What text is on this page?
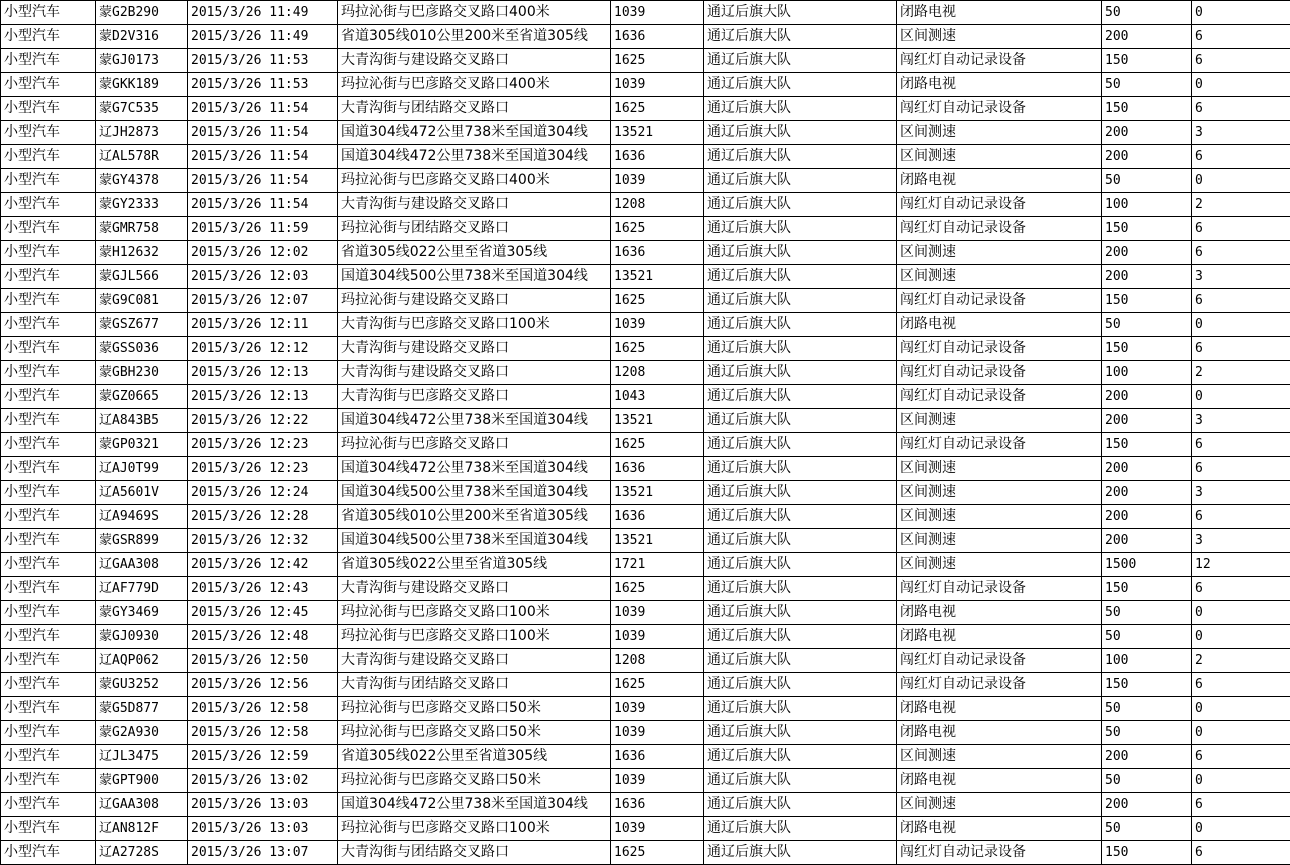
小型汽车	蒙G2B290	2015/3/26 11:49	玛拉沁街与巴彦路交叉路口400米	1039	通辽后旗大队	闭路电视	50	0
小型汽车	蒙D2V316	2015/3/26 11:49	省道305线010公里200米至省道305线	1636	通辽后旗大队	区间测速	200	6
小型汽车	蒙GJ0173	2015/3/26 11:53	大青沟街与建设路交叉路口	1625	通辽后旗大队	闯红灯自动记录设备	150	6
小型汽车	蒙GKK189	2015/3/26 11:53	玛拉沁街与巴彦路交叉路口400米	1039	通辽后旗大队	闭路电视	50	0
小型汽车	蒙G7C535	2015/3/26 11:54	大青沟街与团结路交叉路口	1625	通辽后旗大队	闯红灯自动记录设备	150	6
小型汽车	辽JH2873	2015/3/26 11:54	国道304线472公里738米至国道304线	13521	通辽后旗大队	区间测速	200	3
小型汽车	辽AL578R	2015/3/26 11:54	国道304线472公里738米至国道304线	1636	通辽后旗大队	区间测速	200	6
小型汽车	蒙GY4378	2015/3/26 11:54	玛拉沁街与巴彦路交叉路口400米	1039	通辽后旗大队	闭路电视	50	0
小型汽车	蒙GY2333	2015/3/26 11:54	大青沟街与建设路交叉路口	1208	通辽后旗大队	闯红灯自动记录设备	100	2
小型汽车	蒙GMR758	2015/3/26 11:59	玛拉沁街与团结路交叉路口	1625	通辽后旗大队	闯红灯自动记录设备	150	6
小型汽车	蒙H12632	2015/3/26 12:02	省道305线022公里至省道305线	1636	通辽后旗大队	区间测速	200	6
小型汽车	蒙GJL566	2015/3/26 12:03	国道304线500公里738米至国道304线	13521	通辽后旗大队	区间测速	200	3
小型汽车	蒙G9C081	2015/3/26 12:07	玛拉沁街与建设路交叉路口	1625	通辽后旗大队	闯红灯自动记录设备	150	6
小型汽车	蒙GSZ677	2015/3/26 12:11	大青沟街与巴彦路交叉路口100米	1039	通辽后旗大队	闭路电视	50	0
小型汽车	蒙GSS036	2015/3/26 12:12	大青沟街与建设路交叉路口	1625	通辽后旗大队	闯红灯自动记录设备	150	6
小型汽车	蒙GBH230	2015/3/26 12:13	大青沟街与建设路交叉路口	1208	通辽后旗大队	闯红灯自动记录设备	100	2
小型汽车	蒙GZ0665	2015/3/26 12:13	大青沟街与巴彦路交叉路口	1043	通辽后旗大队	闯红灯自动记录设备	200	0
小型汽车	辽A843B5	2015/3/26 12:22	国道304线472公里738米至国道304线	13521	通辽后旗大队	区间测速	200	3
小型汽车	蒙GP0321	2015/3/26 12:23	玛拉沁街与巴彦路交叉路口	1625	通辽后旗大队	闯红灯自动记录设备	150	6
小型汽车	辽AJ0T99	2015/3/26 12:23	国道304线472公里738米至国道304线	1636	通辽后旗大队	区间测速	200	6
小型汽车	辽A5601V	2015/3/26 12:24	国道304线500公里738米至国道304线	13521	通辽后旗大队	区间测速	200	3
小型汽车	辽A9469S	2015/3/26 12:28	省道305线010公里200米至省道305线	1636	通辽后旗大队	区间测速	200	6
小型汽车	蒙GSR899	2015/3/26 12:32	国道304线500公里738米至国道304线	13521	通辽后旗大队	区间测速	200	3
小型汽车	辽GAA308	2015/3/26 12:42	省道305线022公里至省道305线	1721	通辽后旗大队	区间测速	1500	12
小型汽车	辽AF779D	2015/3/26 12:43	大青沟街与建设路交叉路口	1625	通辽后旗大队	闯红灯自动记录设备	150	6
小型汽车	蒙GY3469	2015/3/26 12:45	玛拉沁街与巴彦路交叉路口100米	1039	通辽后旗大队	闭路电视	50	0
小型汽车	蒙GJ0930	2015/3/26 12:48	玛拉沁街与巴彦路交叉路口100米	1039	通辽后旗大队	闭路电视	50	0
小型汽车	辽AQP062	2015/3/26 12:50	大青沟街与建设路交叉路口	1208	通辽后旗大队	闯红灯自动记录设备	100	2
小型汽车	蒙GU3252	2015/3/26 12:56	大青沟街与团结路交叉路口	1625	通辽后旗大队	闯红灯自动记录设备	150	6
小型汽车	蒙G5D877	2015/3/26 12:58	玛拉沁街与巴彦路交叉路口50米	1039	通辽后旗大队	闭路电视	50	0
小型汽车	蒙G2A930	2015/3/26 12:58	玛拉沁街与巴彦路交叉路口50米	1039	通辽后旗大队	闭路电视	50	0
小型汽车	辽JL3475	2015/3/26 12:59	省道305线022公里至省道305线	1636	通辽后旗大队	区间测速	200	6
小型汽车	蒙GPT900	2015/3/26 13:02	玛拉沁街与巴彦路交叉路口50米	1039	通辽后旗大队	闭路电视	50	0
小型汽车	辽GAA308	2015/3/26 13:03	国道304线472公里738米至国道304线	1636	通辽后旗大队	区间测速	200	6
小型汽车	辽AN812F	2015/3/26 13:03	玛拉沁街与巴彦路交叉路口100米	1039	通辽后旗大队	闭路电视	50	0
小型汽车	辽A2728S	2015/3/26 13:07	大青沟街与团结路交叉路口	1625	通辽后旗大队	闯红灯自动记录设备	150	6
